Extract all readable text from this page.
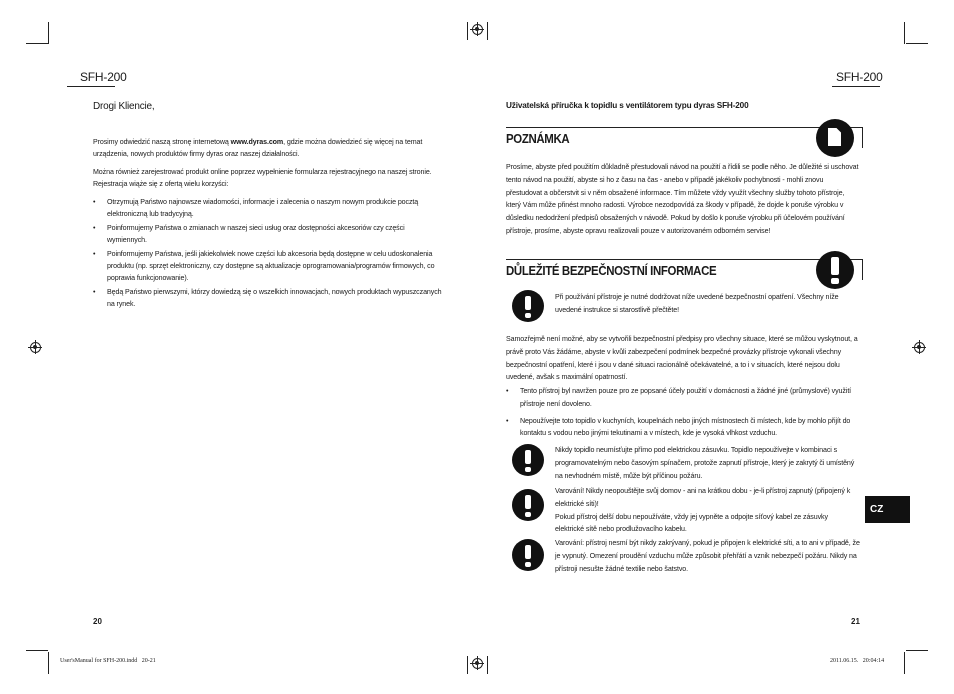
SFH-200	SFH-200
Drogi Kliencie,

Prosimy odwiedzić naszą stronę internetową www.dyras.com, gdzie można dowiedzieć się więcej na temat urządzenia, nowych produktów firmy dyras oraz naszej działalności.

Można również zarejestrować produkt online poprzez wypełnienie formularza rejestracyjnego na naszej stronie. Rejestracja wiąże się z ofertą wielu korzyści:

• Otrzymują Państwo najnowsze wiadomości, informacje i zalecenia o naszym nowym produkcie pocztą elektroniczną lub tradycyjną.
• Poinformujemy Państwa o zmianach w naszej sieci usług oraz dostępności akcesoriów czy części wymiennych.
• Poinformujemy Państwa, jeśli jakiekolwiek nowe części lub akcesoria będą dostępne w celu udoskonalenia produktu (np. sprzęt elektroniczny, czy dostępne są aktualizacje oprogramowania/programów firmowych, co poprawia funkcjonowanie).
• Będą Państwo pierwszymi, którzy dowiedzą się o wszelkich innowacjach, nowych produktach wypuszczanych na rynek.
20
Uživatelská příručka k topidlu s ventilátorem typu dyras SFH-200
POZNÁMKA
Prosíme, abyste před použitím důkladně přestudovali návod na použití a řídili se podle něho. Je důležité si uschovat tento návod na použití, abyste si ho z času na čas - anebo v případě jakékoliv pochybnosti - mohli znovu přestudovat a občerstvit si v něm obsažené informace. Tím můžete vždy využít všechny služby tohoto přístroje, který Vám může přinést mnoho radosti. Výrobce nezodpovídá za škody v případě, že dojde k poruše výrobku v důsledku nedodržení předpisů obsažených v návodě. Pokud by došlo k poruše výrobku při účelovém používání přístroje, prosíme, abyste opravu realizovali pouze v autorizovaném odborném servise!
DŮLEŽITÉ BEZPEČNOSTNÍ INFORMACE
Při používání přístroje je nutné dodržovat níže uvedené bezpečnostní opatření. Všechny níže uvedené instrukce si starostlivě přečtěte!
Samozřejmě není možné, aby se vytvořili bezpečnostní předpisy pro všechny situace, které se můžou vyskytnout, a právě proto Vás žádáme, abyste v kvůli zabezpečení podmínek bezpečné provázky přístroje vykonali všechny bezpečnostní opatření, které i jsou v dané situaci racionálně očekávatelné, a to i v situacích, které nejsou dolu uvedené, avšak s maximální opatrností.
• Tento přístroj byl navržen pouze pro ze popsané účely použití v domácnosti a žádné jiné (průmyslové) využití přístroje není dovoleno.
• Nepoužívejte toto topidlo v kuchyních, koupelnách nebo jiných místnostech či místech, kde by mohlo přijít do kontaktu s vodou nebo jinými tekutinami a v místech, kde je vysoká vlhkost vzduchu.
Nikdy topidlo neumísťujte přímo pod elektrickou zásuvku. Topidlo nepoužívejte v kombinaci s programovatelným nebo časovým spínačem, protože zapnutí přístroje, který je zakrytý či umístěný na nevhodném místě, může být příčinou požáru.
Varování! Nikdy neopouštějte svůj domov - ani na krátkou dobu - je-li přístroj zapnutý (připojený k elektrické síti)!
Pokud přístroj delší dobu nepoužíváte, vždy jej vypněte a odpojte síťový kabel ze zásuvky elektrické sítě nebo prodlužovacího kabelu.
Varování: přístroj nesmí být nikdy zakrývaný, pokud je připojen k elektrické síti, a to ani v případě, že je vypnutý. Omezení proudění vzduchu může způsobit přehřátí a vznik nebezpečí požáru. Nikdy na přístroji nesušte žádné textilie nebo šatstvo.
CZ
21
User'sManual for SFH-200.indd   20-21	2011.06.15.   20:04:14
